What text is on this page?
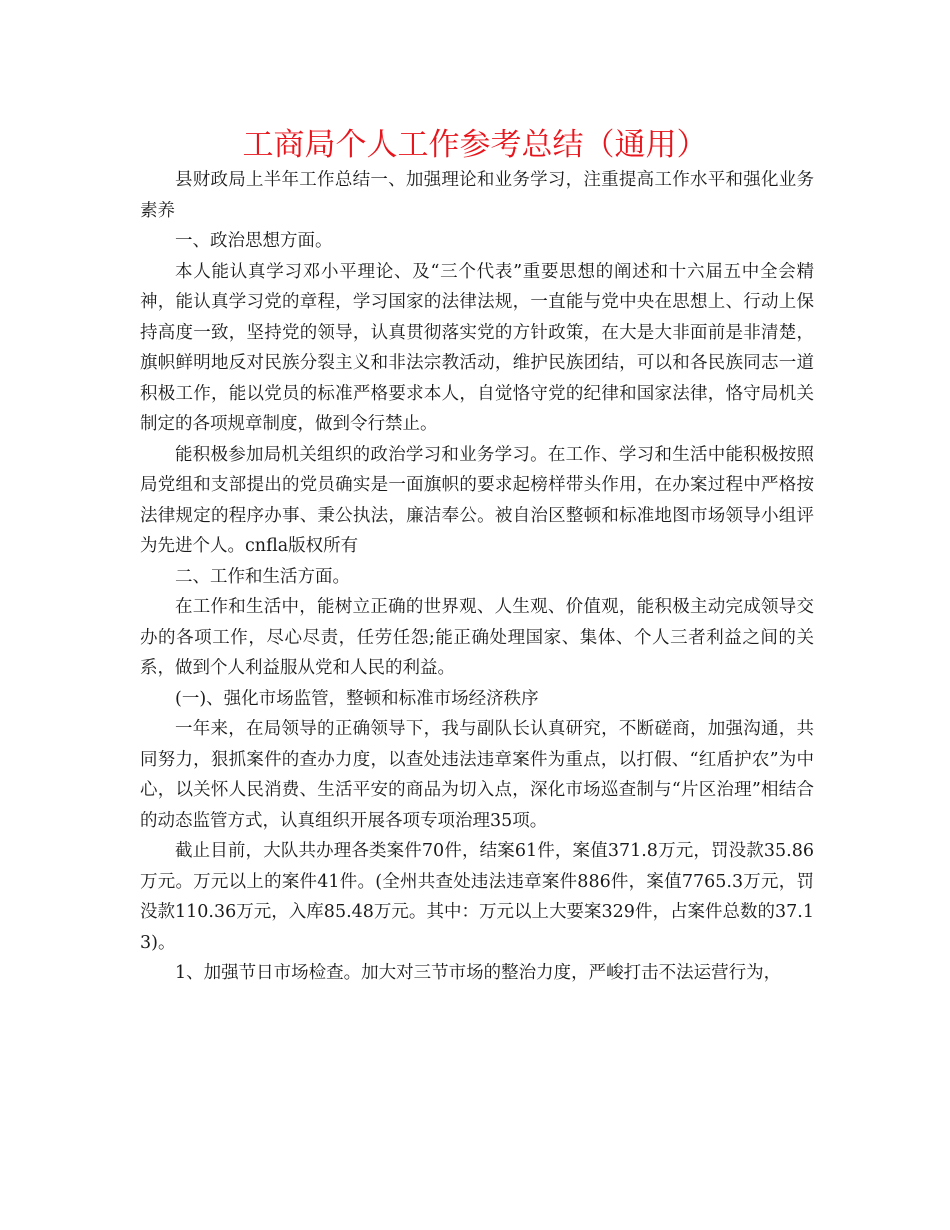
工商局个人工作参考总结（通用）

县财政局上半年工作总结一、加强理论和业务学习，注重提高工作水平和强化业务素养

一、政治思想方面。

本人能认真学习邓小平理论、及“三个代表”重要思想的阐述和十六届五中全会精神，能认真学习党的章程，学习国家的法律法规，一直能与党中央在思想上、行动上保持高度一致，坚持党的领导，认真贯彻落实党的方针政策，在大是大非面前是非清楚，旗帜鲜明地反对民族分裂主义和非法宗教活动，维护民族团结，可以和各民族同志一道积极工作，能以党员的标准严格要求本人，自觉恪守党的纪律和国家法律，恪守局机关制定的各项规章制度，做到令行禁止。

能积极参加局机关组织的政治学习和业务学习。在工作、学习和生活中能积极按照局党组和支部提出的党员确实是一面旗帜的要求起榜样带头作用，在办案过程中严格按法律规定的程序办事、秉公执法，廉洁奉公。被自治区整顿和标准地图市场领导小组评为先进个人。cnfla版权所有

二、工作和生活方面。

在工作和生活中，能树立正确的世界观、人生观、价值观，能积极主动完成领导交办的各项工作，尽心尽责，任劳任怨;能正确处理国家、集体、个人三者利益之间的关系，做到个人利益服从党和人民的利益。

(一)、强化市场监管，整顿和标准市场经济秩序

一年来，在局领导的正确领导下，我与副队长认真研究，不断磋商，加强沟通，共同努力，狠抓案件的查办力度，以查处违法违章案件为重点，以打假、“红盾护农”为中心，以关怀人民消费、生活平安的商品为切入点，深化市场巡查制与“片区治理”相结合的动态监管方式，认真组织开展各项专项治理35项。

截止目前，大队共办理各类案件70件，结案61件，案值371.8万元，罚没款35.86万元。万元以上的案件41件。(全州共查处违法违章案件886件，案值7765.3万元，罚没款110.36万元，入库85.48万元。其中：万元以上大要案329件，占案件总数的37.13)。

1、加强节日市场检查。加大对三节市场的整治力度，严峻打击不法运营行为，
